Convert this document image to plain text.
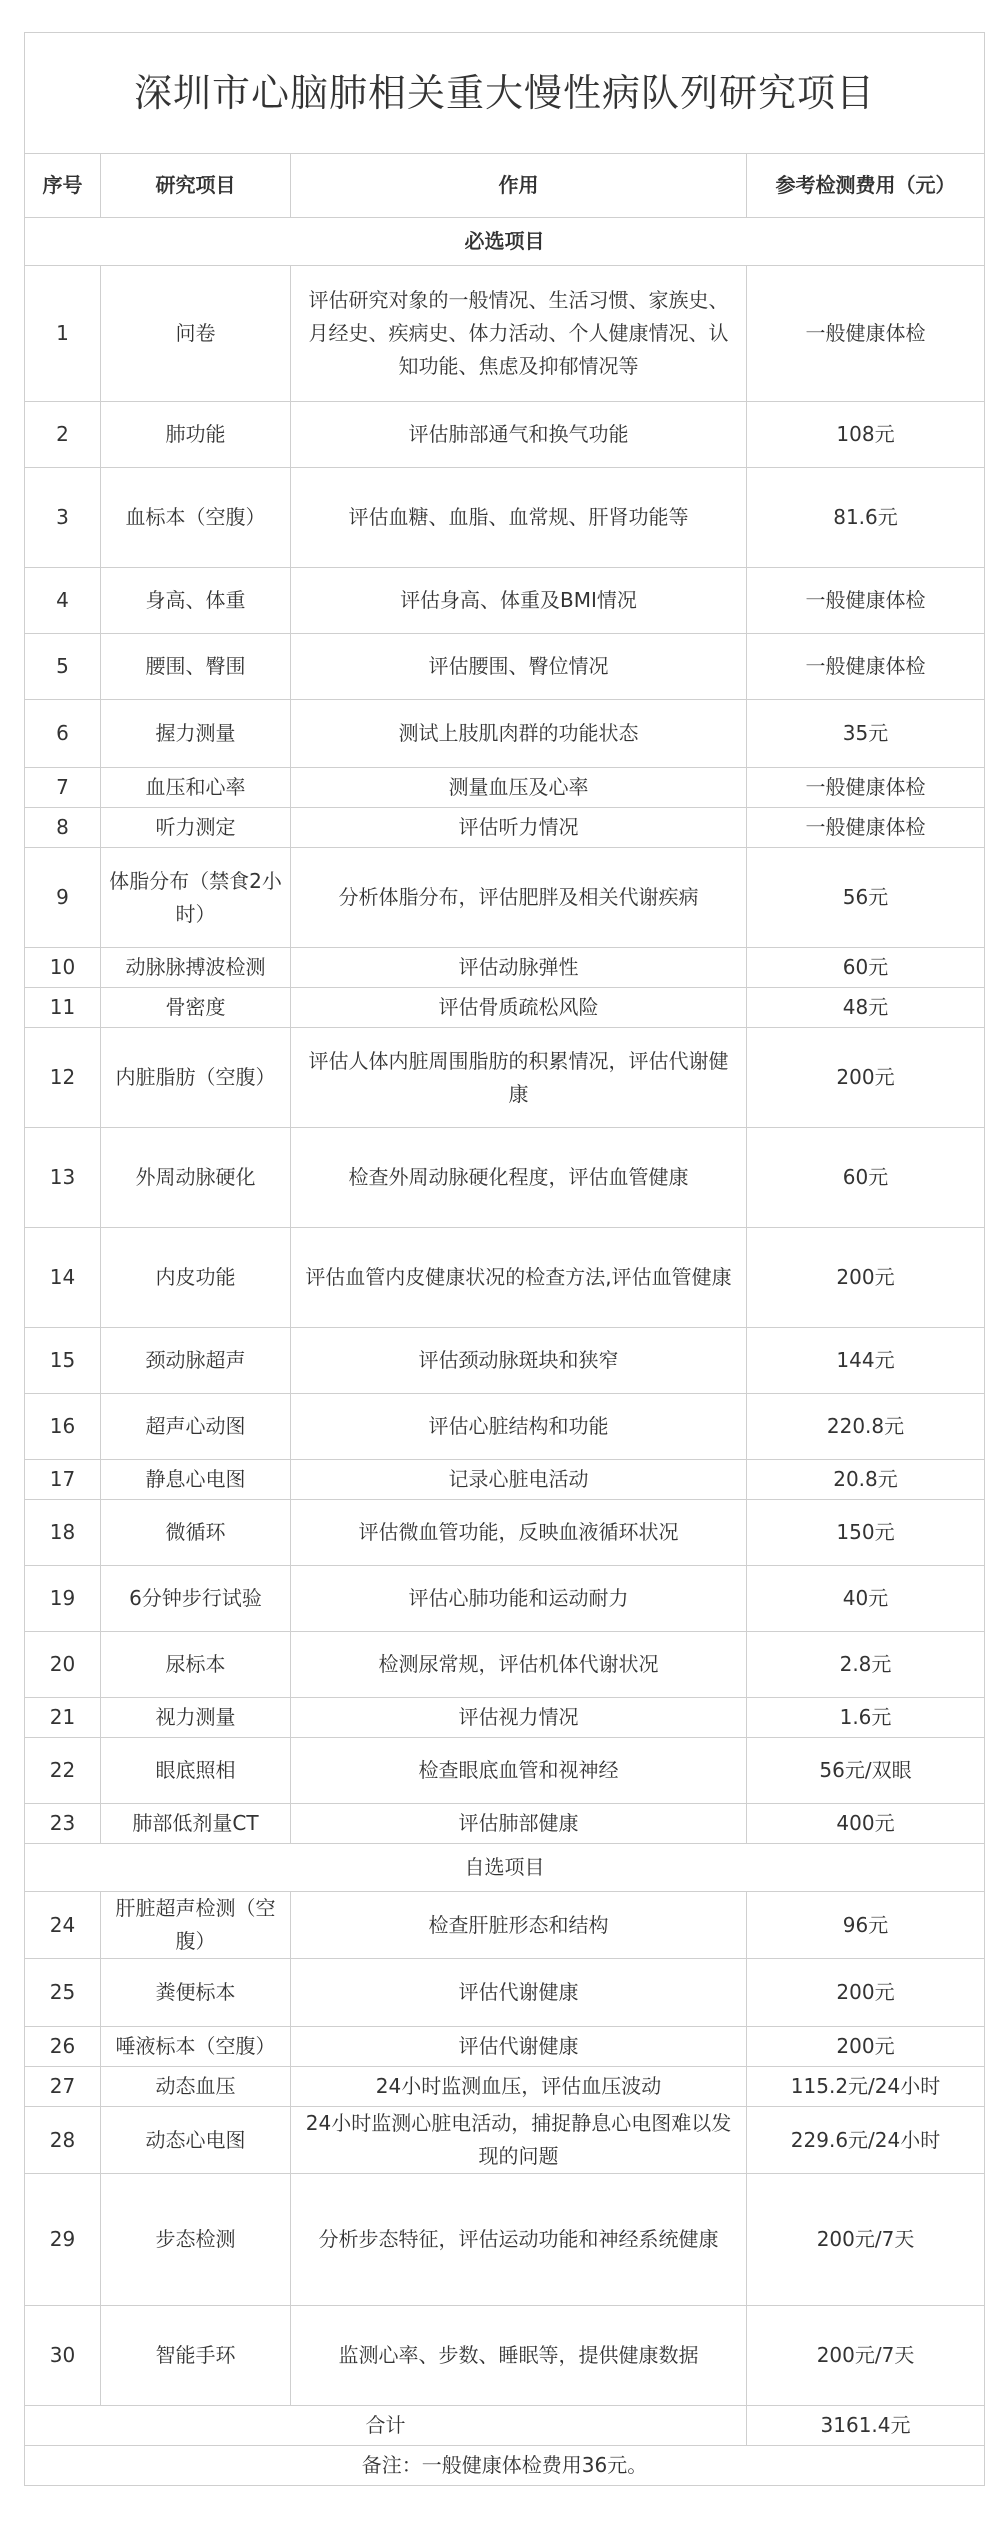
深圳市心脑肺相关重大慢性病队列研究项目			
序号	研究项目	作用	参考检测费用（元）
必选项目			
1	问卷	评估研究对象的一般情况、生活习惯、家族史、月经史、疾病史、体力活动、个人健康情况、认知功能、焦虑及抑郁情况等	一般健康体检
2	肺功能	评估肺部通气和换气功能	108元
3	血标本（空腹）	评估血糖、血脂、血常规、肝肾功能等	81.6元
4	身高、体重	评估身高、体重及BMI情况	一般健康体检
5	腰围、臀围	评估腰围、臀位情况	一般健康体检
6	握力测量	测试上肢肌肉群的功能状态	35元
7	血压和心率	测量血压及心率	一般健康体检
8	听力测定	评估听力情况	一般健康体检
9	体脂分布（禁食2小时）	分析体脂分布，评估肥胖及相关代谢疾病	56元
10	动脉脉搏波检测	评估动脉弹性	60元
11	骨密度	评估骨质疏松风险	48元
12	内脏脂肪（空腹）	评估人体内脏周围脂肪的积累情况，评估代谢健康	200元
13	外周动脉硬化	检查外周动脉硬化程度，评估血管健康	60元
14	内皮功能	评估血管内皮健康状况的检查方法,评估血管健康	200元
15	颈动脉超声	评估颈动脉斑块和狭窄	144元
16	超声心动图	评估心脏结构和功能	220.8元
17	静息心电图	记录心脏电活动	20.8元
18	微循环	评估微血管功能，反映血液循环状况	150元
19	6分钟步行试验	评估心肺功能和运动耐力	40元
20	尿标本	检测尿常规，评估机体代谢状况	2.8元
21	视力测量	评估视力情况	1.6元
22	眼底照相	检查眼底血管和视神经	56元/双眼
23	肺部低剂量CT	评估肺部健康	400元
自选项目			
24	肝脏超声检测（空腹）	检查肝脏形态和结构	96元
25	粪便标本	评估代谢健康	200元
26	唾液标本（空腹）	评估代谢健康	200元
27	动态血压	24小时监测血压，评估血压波动	115.2元/24小时
28	动态心电图	24小时监测心脏电活动，捕捉静息心电图难以发现的问题	229.6元/24小时
29	步态检测	分析步态特征，评估运动功能和神经系统健康	200元/7天
30	智能手环	监测心率、步数、睡眠等，提供健康数据	200元/7天
合计			3161.4元
备注：一般健康体检费用36元。			
